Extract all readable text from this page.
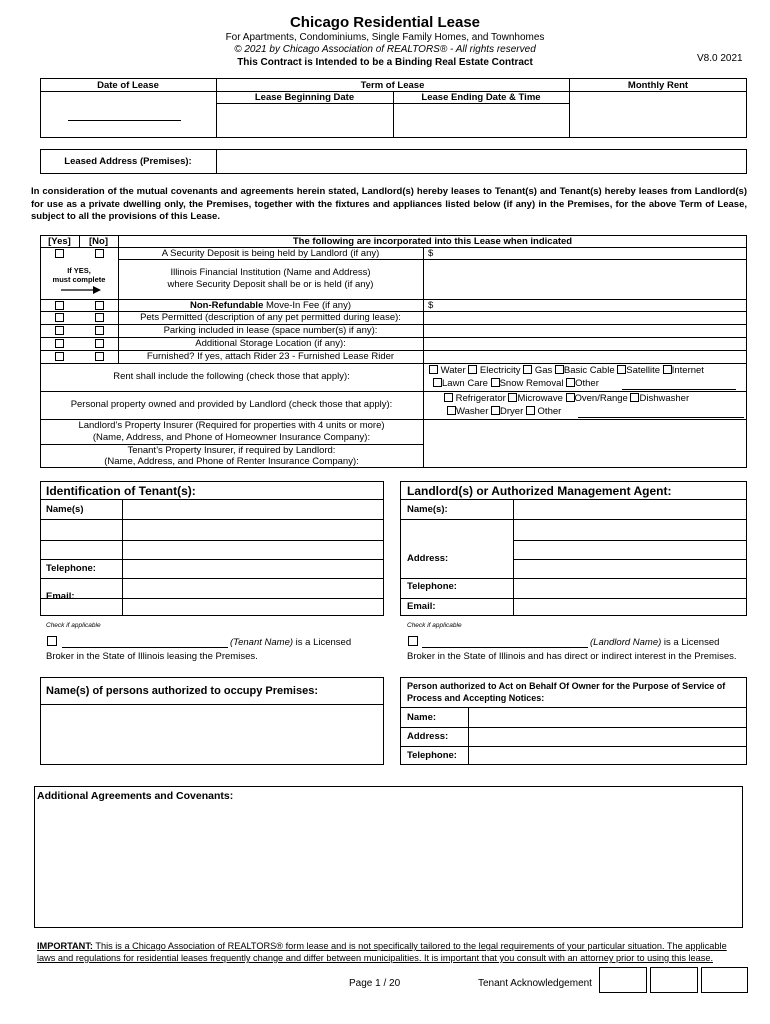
Chicago Residential Lease
For Apartments, Condominiums, Single Family Homes, and Townhomes
© 2021 by Chicago Association of REALTORS® - All rights reserved
This Contract is Intended to be a Binding Real Estate Contract	V8.0 2021
Date of Lease	Term of Lease	Monthly Rent
Lease Beginning Date	Lease Ending Date & Time
Leased Address (Premises):
In consideration of the mutual covenants and agreements herein stated, Landlord(s) hereby leases to Tenant(s) and Tenant(s) hereby leases from Landlord(s) for use as a private dwelling only, the Premises, together with the fixtures and appliances listed below (if any) in the Premises, for the above Term of Lease, subject to all the provisions of this Lease.
[Yes]	[No]	The following are incorporated into this Lease when indicated
A Security Deposit is being held by Landlord (if any)	$
If YES,
must complete
Illinois Financial Institution (Name and Address)
where Security Deposit shall be or is held (if any)
Non-Refundable Move-In Fee (if any)	$
Pets Permitted (description of any pet permitted during lease):
Parking included in lease (space number(s) if any):
Additional Storage Location (if any):
Furnished? If yes, attach Rider 23 - Furnished Lease Rider
Rent shall include the following (check those that apply):
Water Electricity Gas Basic Cable Satellite Internet
Lawn Care Snow Removal Other
Personal property owned and provided by Landlord (check those that apply):
Refrigerator Microwave Oven/Range Dishwasher
Washer Dryer Other
Landlord’s Property Insurer (Required for properties with 4 units or more)
(Name, Address, and Phone of Homeowner Insurance Company):
Tenant’s Property Insurer, if required by Landlord:
(Name, Address, and Phone of Renter Insurance Company):
Identification of Tenant(s):
Name(s)
Telephone:
Email:
Check if applicable
(Tenant Name) is a Licensed
Broker in the State of Illinois leasing the Premises.
Landlord(s) or Authorized Management Agent:
Name(s):
Address:
Telephone:
Email:
Check if applicable
(Landlord Name) is a Licensed
Broker in the State of Illinois and has direct or indirect interest in the Premises.
Name(s) of persons authorized to occupy Premises:	Person authorized to Act on Behalf Of Owner for the Purpose of Service of
Process and Accepting Notices:
Name:
Address:
Telephone:
Additional Agreements and Covenants:
IMPORTANT: This is a Chicago Association of REALTORS® form lease and is not specifically tailored to the legal requirements of your particular situation. The applicable
laws and regulations for residential leases frequently change and differ between municipalities. It is important that you consult with an attorney prior to using this lease.
Page 1 / 20	Tenant Acknowledgement
